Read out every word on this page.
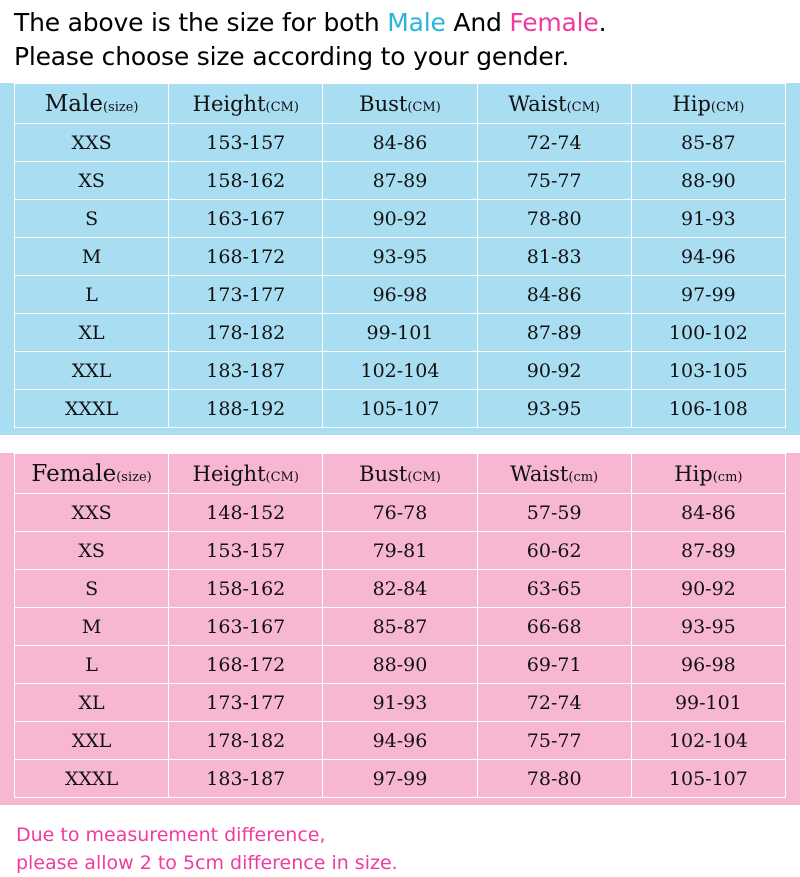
The above is the size for both Male And Female.
Please choose size according to your gender.
Male(size)	Height(CM)	Bust(CM)	Waist(CM)	Hip(CM)
XXS	153-157	84-86	72-74	85-87
XS	158-162	87-89	75-77	88-90
S	163-167	90-92	78-80	91-93
M	168-172	93-95	81-83	94-96
L	173-177	96-98	84-86	97-99
XL	178-182	99-101	87-89	100-102
XXL	183-187	102-104	90-92	103-105
XXXL	188-192	105-107	93-95	106-108
Female(size)	Height(CM)	Bust(CM)	Waist(cm)	Hip(cm)
XXS	148-152	76-78	57-59	84-86
XS	153-157	79-81	60-62	87-89
S	158-162	82-84	63-65	90-92
M	163-167	85-87	66-68	93-95
L	168-172	88-90	69-71	96-98
XL	173-177	91-93	72-74	99-101
XXL	178-182	94-96	75-77	102-104
XXXL	183-187	97-99	78-80	105-107
Due to measurement difference,
please allow 2 to 5cm difference in size.
